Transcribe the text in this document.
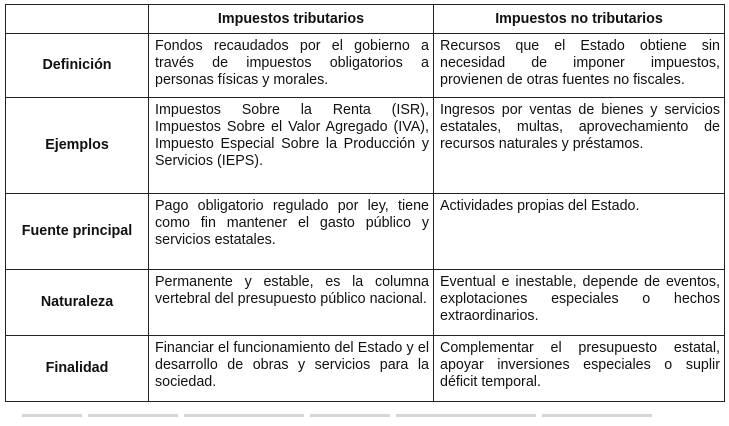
	Impuestos tributarios	Impuestos no tributarios
Definición	Fondos recaudados por el gobierno a través de impuestos obligatorios a personas físicas y morales.	Recursos que el Estado obtiene sin necesidad de imponer impuestos, provienen de otras fuentes no fiscales.
Ejemplos	Impuestos Sobre la Renta (ISR), Impuestos Sobre el Valor Agregado (IVA), Impuesto Especial Sobre la Producción y Servicios (IEPS).	Ingresos por ventas de bienes y servicios estatales, multas, aprovechamiento de recursos naturales y préstamos.
Fuente principal	Pago obligatorio regulado por ley, tiene como fin mantener el gasto público y servicios estatales.	Actividades propias del Estado.
Naturaleza	Permanente y estable, es la columna vertebral del presupuesto público nacional.	Eventual e inestable, depende de eventos, explotaciones especiales o hechos extraordinarios.
Finalidad	Financiar el funcionamiento del Estado y el desarrollo de obras y servicios para la sociedad.	Complementar el presupuesto estatal, apoyar inversiones especiales o suplir déficit temporal.
